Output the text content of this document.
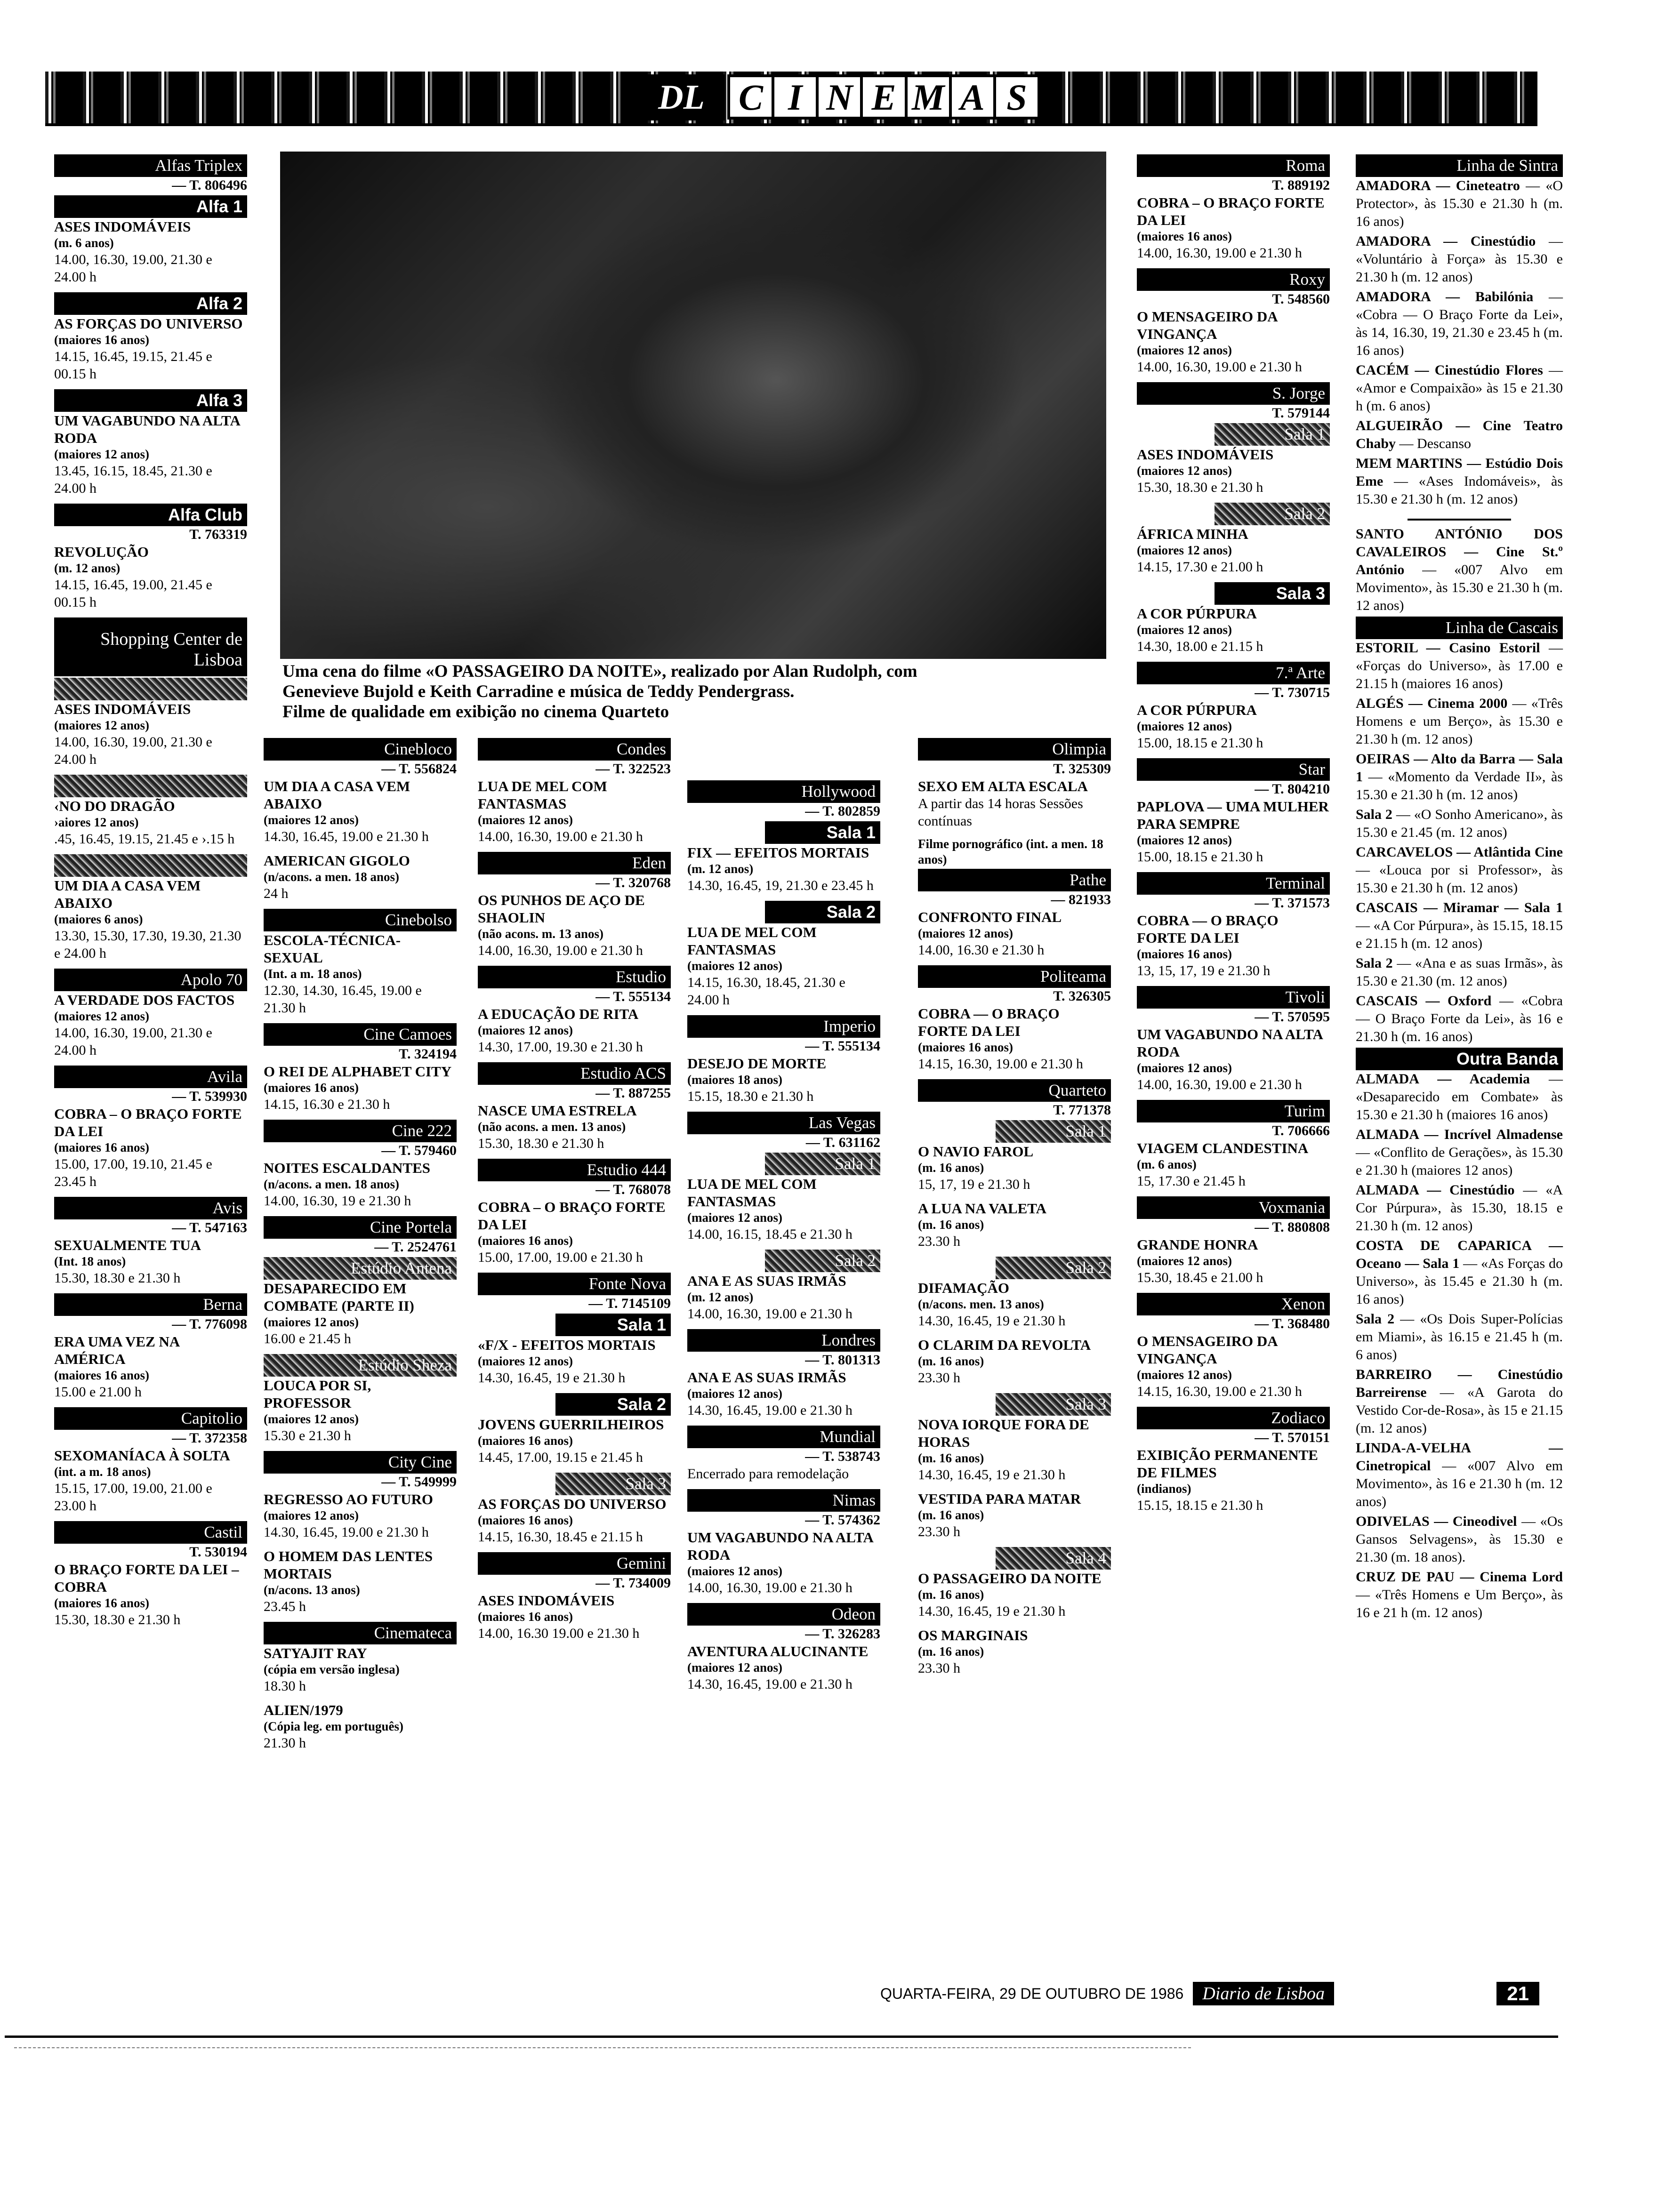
DL C I N E M A S
Alfas Triplex
— T. 806496
Alfa 1
ASES INDOMÁVEIS
(m. 6 anos)
14.00, 16.30, 19.00, 21.30 e 24.00 h
Alfa 2
AS FORÇAS DO UNIVERSO
(maiores 16 anos)
14.15, 16.45, 19.15, 21.45 e 00.15 h
Alfa 3
UM VAGABUNDO NA ALTA RODA
(maiores 12 anos)
13.45, 16.15, 18.45, 21.30 e 24.00 h
Alfa Club
T. 763319
REVOLUÇÃO
(m. 12 anos)
14.15, 16.45, 19.00, 21.45 e 00.15 h
Shopping Center de Lisboa
ASES INDOMÁVEIS
(maiores 12 anos)
14.00, 16.30, 19.00, 21.30 e 24.00 h
‹NO DO DRAGÃO
›aiores 12 anos)
.45, 16.45, 19.15, 21.45 e ›.15 h
UM DIA A CASA VEM ABAIXO
(maiores 6 anos)
13.30, 15.30, 17.30, 19.30, 21.30 e 24.00 h
Apolo 70
A VERDADE DOS FACTOS
(maiores 12 anos)
14.00, 16.30, 19.00, 21.30 e 24.00 h
Avila
— T. 539930
COBRA – O BRAÇO FORTE DA LEI
(maiores 16 anos)
15.00, 17.00, 19.10, 21.45 e 23.45 h
Avis
— T. 547163
SEXUALMENTE TUA
(Int. 18 anos)
15.30, 18.30 e 21.30 h
Berna
— T. 776098
ERA UMA VEZ NA AMÉRICA
(maiores 16 anos)
15.00 e 21.00 h
Capitolio
— T. 372358
SEXOMANÍACA À SOLTA
(int. a m. 18 anos)
15.15, 17.00, 19.00, 21.00 e 23.00 h
Castil
T. 530194
O BRAÇO FORTE DA LEI – COBRA
(maiores 16 anos)
15.30, 18.30 e 21.30 h
Cinebloco
— T. 556824
UM DIA A CASA VEM ABAIXO
(maiores 12 anos)
14.30, 16.45, 19.00 e 21.30 h
AMERICAN GIGOLO
(n/acons. a men. 18 anos)
24 h
Cinebolso
ESCOLA-TÉCNICA-SEXUAL
(Int. a m. 18 anos)
12.30, 14.30, 16.45, 19.00 e 21.30 h
Cine Camoes
T. 324194
O REI DE ALPHABET CITY
(maiores 16 anos)
14.15, 16.30 e 21.30 h
Cine 222
— T. 579460
NOITES ESCALDANTES
(n/acons. a men. 18 anos)
14.00, 16.30, 19 e 21.30 h
Cine Portela
— T. 2524761
Estúdio Antena
DESAPARECIDO EM COMBATE (PARTE II)
(maiores 12 anos)
16.00 e 21.45 h
Estúdio Sheza
LOUCA POR SI, PROFESSOR
(maiores 12 anos)
15.30 e 21.30 h
City Cine
— T. 549999
REGRESSO AO FUTURO
(maiores 12 anos)
14.30, 16.45, 19.00 e 21.30 h
O HOMEM DAS LENTES MORTAIS
(n/acons. 13 anos)
23.45 h
Cinemateca
SATYAJIT RAY
(cópia em versão inglesa)
18.30 h
ALIEN/1979
(Cópia leg. em português)
21.30 h
Condes
— T. 322523
LUA DE MEL COM FANTASMAS
(maiores 12 anos)
14.00, 16.30, 19.00 e 21.30 h
Eden
— T. 320768
OS PUNHOS DE AÇO DE SHAOLIN
(não acons. m. 13 anos)
14.00, 16.30, 19.00 e 21.30 h
Estudio
— T. 555134
A EDUCAÇÃO DE RITA
(maiores 12 anos)
14.30, 17.00, 19.30 e 21.30 h
Estudio ACS
— T. 887255
NASCE UMA ESTRELA
(não acons. a men. 13 anos)
15.30, 18.30 e 21.30 h
Estudio 444
— T. 768078
COBRA – O BRAÇO FORTE DA LEI
(maiores 16 anos)
15.00, 17.00, 19.00 e 21.30 h
Fonte Nova
— T. 7145109
Sala 1
«F/X - EFEITOS MORTAIS
(maiores 12 anos)
14.30, 16.45, 19 e 21.30 h
Sala 2
JOVENS GUERRILHEIROS
(maiores 16 anos)
14.45, 17.00, 19.15 e 21.45 h
Sala 3
AS FORÇAS DO UNIVERSO
(maiores 16 anos)
14.15, 16.30, 18.45 e 21.15 h
Gemini
— T. 734009
ASES INDOMÁVEIS
(maiores 16 anos)
14.00, 16.30 19.00 e 21.30 h
Hollywood
— T. 802859
Sala 1
FIX — EFEITOS MORTAIS
(m. 12 anos)
14.30, 16.45, 19, 21.30 e 23.45 h
Sala 2
LUA DE MEL COM FANTASMAS
(maiores 12 anos)
14.15, 16.30, 18.45, 21.30 e 24.00 h
Imperio
— T. 555134
DESEJO DE MORTE
(maiores 18 anos)
15.15, 18.30 e 21.30 h
Las Vegas
— T. 631162
Sala 1
LUA DE MEL COM FANTASMAS
(maiores 12 anos)
14.00, 16.15, 18.45 e 21.30 h
Sala 2
ANA E AS SUAS IRMÃS
(m. 12 anos)
14.00, 16.30, 19.00 e 21.30 h
Londres
— T. 801313
ANA E AS SUAS IRMÃS
(maiores 12 anos)
14.30, 16.45, 19.00 e 21.30 h
Mundial
— T. 538743
Encerrado para remodelação
Nimas
— T. 574362
UM VAGABUNDO NA ALTA RODA
(maiores 12 anos)
14.00, 16.30, 19.00 e 21.30 h
Odeon
— T. 326283
AVENTURA ALUCINANTE
(maiores 12 anos)
14.30, 16.45, 19.00 e 21.30 h
Olimpia
T. 325309
SEXO EM ALTA ESCALA
A partir das 14 horas Sessões contínuas
Filme pornográfico (int. a men. 18 anos)
Pathe
— 821933
CONFRONTO FINAL
(maiores 12 anos)
14.00, 16.30 e 21.30 h
Politeama
T. 326305
COBRA — O BRAÇO FORTE DA LEI
(maiores 16 anos)
14.15, 16.30, 19.00 e 21.30 h
Quarteto
T. 771378
Sala 1
O NAVIO FAROL
(m. 16 anos)
15, 17, 19 e 21.30 h
A LUA NA VALETA
(m. 16 anos)
23.30 h
Sala 2
DIFAMAÇÃO
(n/acons. men. 13 anos)
14.30, 16.45, 19 e 21.30 h
O CLARIM DA REVOLTA
(m. 16 anos)
23.30 h
Sala 3
NOVA IORQUE FORA DE HORAS
(m. 16 anos)
14.30, 16.45, 19 e 21.30 h
VESTIDA PARA MATAR
(m. 16 anos)
23.30 h
Sala 4
O PASSAGEIRO DA NOITE
(m. 16 anos)
14.30, 16.45, 19 e 21.30 h
OS MARGINAIS
(m. 16 anos)
23.30 h
Roma
T. 889192
COBRA – O BRAÇO FORTE DA LEI
(maiores 16 anos)
14.00, 16.30, 19.00 e 21.30 h
Roxy
T. 548560
O MENSAGEIRO DA VINGANÇA
(maiores 12 anos)
14.00, 16.30, 19.00 e 21.30 h
S. Jorge
T. 579144
Sala 1
ASES INDOMÁVEIS
(maiores 12 anos)
15.30, 18.30 e 21.30 h
Sala 2
ÁFRICA MINHA
(maiores 12 anos)
14.15, 17.30 e 21.00 h
Sala 3
A COR PÚRPURA
(maiores 12 anos)
14.30, 18.00 e 21.15 h
7.ª Arte
— T. 730715
A COR PÚRPURA
(maiores 12 anos)
15.00, 18.15 e 21.30 h
Star
— T. 804210
PAPLOVA — UMA MULHER PARA SEMPRE
(maiores 12 anos)
15.00, 18.15 e 21.30 h
Terminal
— T. 371573
COBRA — O BRAÇO FORTE DA LEI
(maiores 16 anos)
13, 15, 17, 19 e 21.30 h
Tivoli
— T. 570595
UM VAGABUNDO NA ALTA RODA
(maiores 12 anos)
14.00, 16.30, 19.00 e 21.30 h
Turim
T. 706666
VIAGEM CLANDESTINA
(m. 6 anos)
15, 17.30 e 21.45 h
Voxmania
— T. 880808
GRANDE HONRA
(maiores 12 anos)
15.30, 18.45 e 21.00 h
Xenon
— T. 368480
O MENSAGEIRO DA VINGANÇA
(maiores 12 anos)
14.15, 16.30, 19.00 e 21.30 h
Zodiaco
— T. 570151
EXIBIÇÃO PERMANENTE DE FILMES
(indianos)
15.15, 18.15 e 21.30 h
Linha de Sintra
AMADORA — Cineteatro — «O Protector», às 15.30 e 21.30 h (m. 16 anos)
AMADORA — Cinestúdio — «Voluntário à Força» às 15.30 e 21.30 h (m. 12 anos)
AMADORA — Babilónia — «Cobra — O Braço Forte da Lei», às 14, 16.30, 19, 21.30 e 23.45 h (m. 16 anos)
CACÉM — Cinestúdio Flores — «Amor e Compaixão» às 15 e 21.30 h (m. 6 anos)
ALGUEIRÃO — Cine Teatro Chaby — Descanso
MEM MARTINS — Estúdio Dois Eme — «Ases Indomáveis», às 15.30 e 21.30 h (m. 12 anos)
SANTO ANTÓNIO DOS CAVALEIROS — Cine St.º António — «007 Alvo em Movimento», às 15.30 e 21.30 h (m. 12 anos)
Linha de Cascais
ESTORIL — Casino Estoril — «Forças do Universo», às 17.00 e 21.15 h (maiores 16 anos)
ALGÉS — Cinema 2000 — «Três Homens e um Berço», às 15.30 e 21.30 h (m. 12 anos)
OEIRAS — Alto da Barra — Sala 1 — «Momento da Verdade II», às 15.30 e 21.30 h (m. 12 anos)
Sala 2 — «O Sonho Americano», às 15.30 e 21.45 (m. 12 anos)
CARCAVELOS — Atlântida Cine — «Louca por si Professor», às 15.30 e 21.30 h (m. 12 anos)
CASCAIS — Miramar — Sala 1 — «A Cor Púrpura», às 15.15, 18.15 e 21.15 h (m. 12 anos)
Sala 2 — «Ana e as suas Irmãs», às 15.30 e 21.30 (m. 12 anos)
CASCAIS — Oxford — «Cobra — O Braço Forte da Lei», às 16 e 21.30 h (m. 16 anos)
Outra Banda
ALMADA — Academia — «Desaparecido em Combate» às 15.30 e 21.30 h (maiores 16 anos)
ALMADA — Incrível Almadense — «Conflito de Gerações», às 15.30 e 21.30 h (maiores 12 anos)
ALMADA — Cinestúdio — «A Cor Púrpura», às 15.30, 18.15 e 21.30 h (m. 12 anos)
COSTA DE CAPARICA — Oceano — Sala 1 — «As Forças do Universo», às 15.45 e 21.30 h (m. 16 anos)
Sala 2 — «Os Dois Super-Polícias em Miami», às 16.15 e 21.45 h (m. 6 anos)
BARREIRO — Cinestúdio Barreirense — «A Garota do Vestido Cor-de-Rosa», às 15 e 21.15 (m. 12 anos)
LINDA-A-VELHA — Cinetropical — «007 Alvo em Movimento», às 16 e 21.30 h (m. 12 anos)
ODIVELAS — Cineodivel — «Os Gansos Selvagens», às 15.30 e 21.30 (m. 18 anos).
CRUZ DE PAU — Cinema Lord — «Três Homens e Um Berço», às 16 e 21 h (m. 12 anos)
Uma cena do filme «O PASSAGEIRO DA NOITE», realizado por Alan Rudolph, com
Genevieve Bujold e Keith Carradine e música de Teddy Pendergrass.
Filme de qualidade em exibição no cinema Quarteto
QUARTA-FEIRA, 29 DE OUTUBRO DE 1986	Diario de Lisboa	21
